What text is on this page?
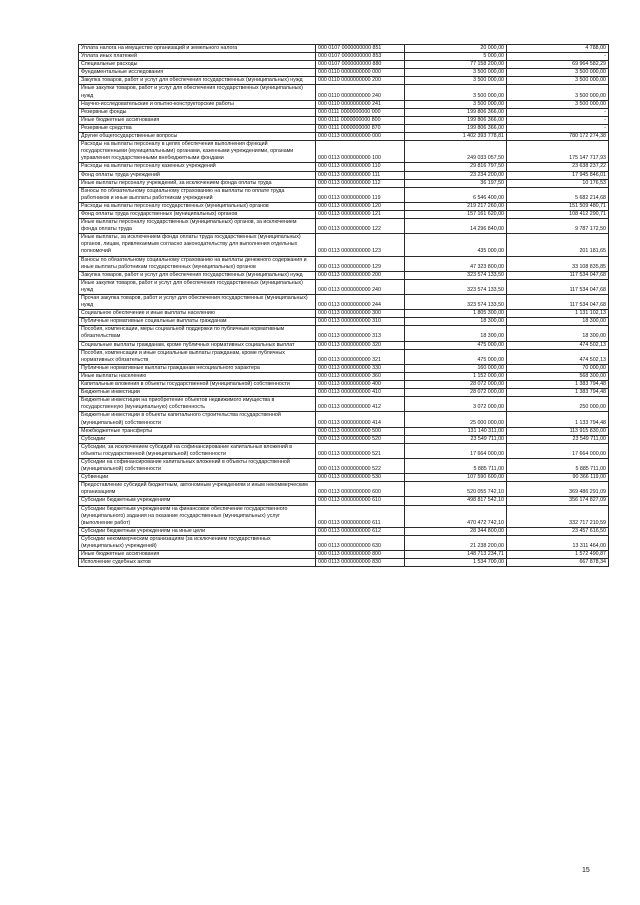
Уплата налога на имущество организаций и земельного налога	000 0107 0000000000 851	20 000,00	4 788,00
Уплата иных платежей	000 0107 0000000000 853	5 000,00	-
Специальные расходы	000 0107 0000000000 880	77 158 200,00	69 964 582,29
Фундаментальные исследования	000 0110 0000000000 000	3 500 000,00	3 500 000,00
Закупка товаров, работ и услуг для обеспечения государственных (муниципальных) нужд	000 0110 0000000000 200	3 500 000,00	3 500 000,00
Иные закупки товаров, работ и услуг для обеспечения государственных (муниципальных) нужд	000 0110 0000000000 240	3 500 000,00	3 500 000,00
Научно-исследовательские и опытно-конструкторские работы	000 0110 0000000000 241	3 500 000,00	3 500 000,00
Резервные фонды	000 0111 0000000000 000	199 806 366,00	-
Иные бюджетные ассигнования	000 0111 0000000000 800	199 806 366,00	-
Резервные средства	000 0111 0000000000 870	199 806 366,00	-
Другие общегосударственные вопросы	000 0113 0000000000 000	1 402 393 778,81	780 172 274,38
Расходы на выплаты персоналу в целях обеспечения выполнения функций государственными (муниципальными) органами, казенными учреждениями, органами управления государственными внебюджетными фондами	000 0113 0000000000 100	249 033 057,50	175 147 717,93
Расходы на выплаты персоналу казенных учреждений	000 0113 0000000000 110	29 816 797,50	23 638 237,22
Фонд оплаты труда учреждений	000 0113 0000000000 111	23 234 200,00	17 945 846,01
Иные выплаты персоналу учреждений, за исключением фонда оплаты труда	000 0113 0000000000 112	36 197,50	10 176,53
Взносы по обязательному социальному страхованию на выплаты по оплате труда работников и иные выплаты работникам учреждений	000 0113 0000000000 119	6 546 400,00	5 682 214,68
Расходы на выплаты персоналу государственных (муниципальных) органов	000 0113 0000000000 120	219 217 260,00	151 509 480,71
Фонд оплаты труда государственных (муниципальных) органов	000 0113 0000000000 121	157 161 620,00	108 412 290,71
Иные выплаты персоналу государственных (муниципальных) органов, за исключением фонда оплаты труда	000 0113 0000000000 122	14 296 840,00	9 787 172,50
Иные выплаты, за исключением фонда оплаты труда государственных (муниципальных) органов, лицам, привлекаемым согласно законодательству для выполнения отдельных полномочий	000 0113 0000000000 123	435 000,00	201 181,65
Взносы по обязательному социальному страхованию на выплаты денежного содержания и иные выплаты работникам государственных (муниципальных) органов	000 0113 0000000000 129	47 323 800,00	33 108 835,85
Закупка товаров, работ и услуг для обеспечения государственных (муниципальных) нужд	000 0113 0000000000 200	323 574 133,50	117 534 047,68
Иные закупки товаров, работ и услуг для обеспечения государственных (муниципальных) нужд	000 0113 0000000000 240	323 574 133,50	117 534 047,68
Прочая закупка товаров, работ и услуг для обеспечения государственных (муниципальных) нужд	000 0113 0000000000 244	323 574 133,50	117 534 047,68
Социальное обеспечение и иные выплаты населению	000 0113 0000000000 300	1 805 300,00	1 131 102,13
Публичные нормативные социальные выплаты гражданам	000 0113 0000000000 310	18 300,00	18 300,00
Пособия, компенсации, меры социальной поддержки по публичным нормативным обязательствам	000 0113 0000000000 313	18 300,00	18 300,00
Социальные выплаты гражданам, кроме публичных нормативных социальных выплат	000 0113 0000000000 320	475 000,00	474 502,13
Пособия, компенсации и иные социальные выплаты гражданам, кроме публичных нормативных обязательств	000 0113 0000000000 321	475 000,00	474 502,13
Публичные нормативные выплаты гражданам несоциального характера	000 0113 0000000000 330	160 000,00	70 000,00
Иные выплаты населению	000 0113 0000000000 360	1 152 000,00	568 300,00
Капитальные вложения в объекты государственной (муниципальной) собственности	000 0113 0000000000 400	28 072 000,00	1 383 794,48
Бюджетные инвестиции	000 0113 0000000000 410	28 072 000,00	1 383 794,48
Бюджетные инвестиции на приобретение объектов недвижимого имущества в государственную (муниципальную) собственность	000 0113 0000000000 412	3 072 000,00	250 000,00
Бюджетные инвестиции в объекты капитального строительства государственной (муниципальной) собственности	000 0113 0000000000 414	25 000 000,00	1 133 794,48
Межбюджетные трансферты	000 0113 0000000000 500	131 140 311,00	113 915 830,00
Субсидии	000 0113 0000000000 520	23 549 711,00	23 549 711,00
Субсидии, за исключением субсидий на софинансирование капитальных вложений в объекты государственной (муниципальной) собственности	000 0113 0000000000 521	17 664 000,00	17 664 000,00
Субсидии на софинансирование капитальных вложений в объекты государственной (муниципальной) собственности	000 0113 0000000000 522	5 885 711,00	5 885 711,00
Субвенции	000 0113 0000000000 530	107 590 600,00	90 366 119,00
Предоставление субсидий бюджетным, автономным учреждениям и иным некоммерческим организациям	000 0113 0000000000 600	520 055 742,10	369 486 291,09
Субсидии бюджетным учреждениям	000 0113 0000000000 610	498 817 542,10	356 174 827,09
Субсидии бюджетным учреждениям на финансовое обеспечение государственного (муниципального) задания на оказание государственных (муниципальных) услуг (выполнение работ)	000 0113 0000000000 611	470 472 742,10	332 717 210,59
Субсидии бюджетным учреждениям на иные цели	000 0113 0000000000 612	28 344 800,00	23 457 616,50
Субсидии некоммерческим организациям (за исключением государственных (муниципальных) учреждений)	000 0113 0000000000 630	21 238 200,00	13 311 464,00
Иные бюджетные ассигнования	000 0113 0000000000 800	148 713 234,71	1 572 490,87
Исполнение судебных актов	000 0113 0000000000 830	1 534 700,00	667 878,34
15
